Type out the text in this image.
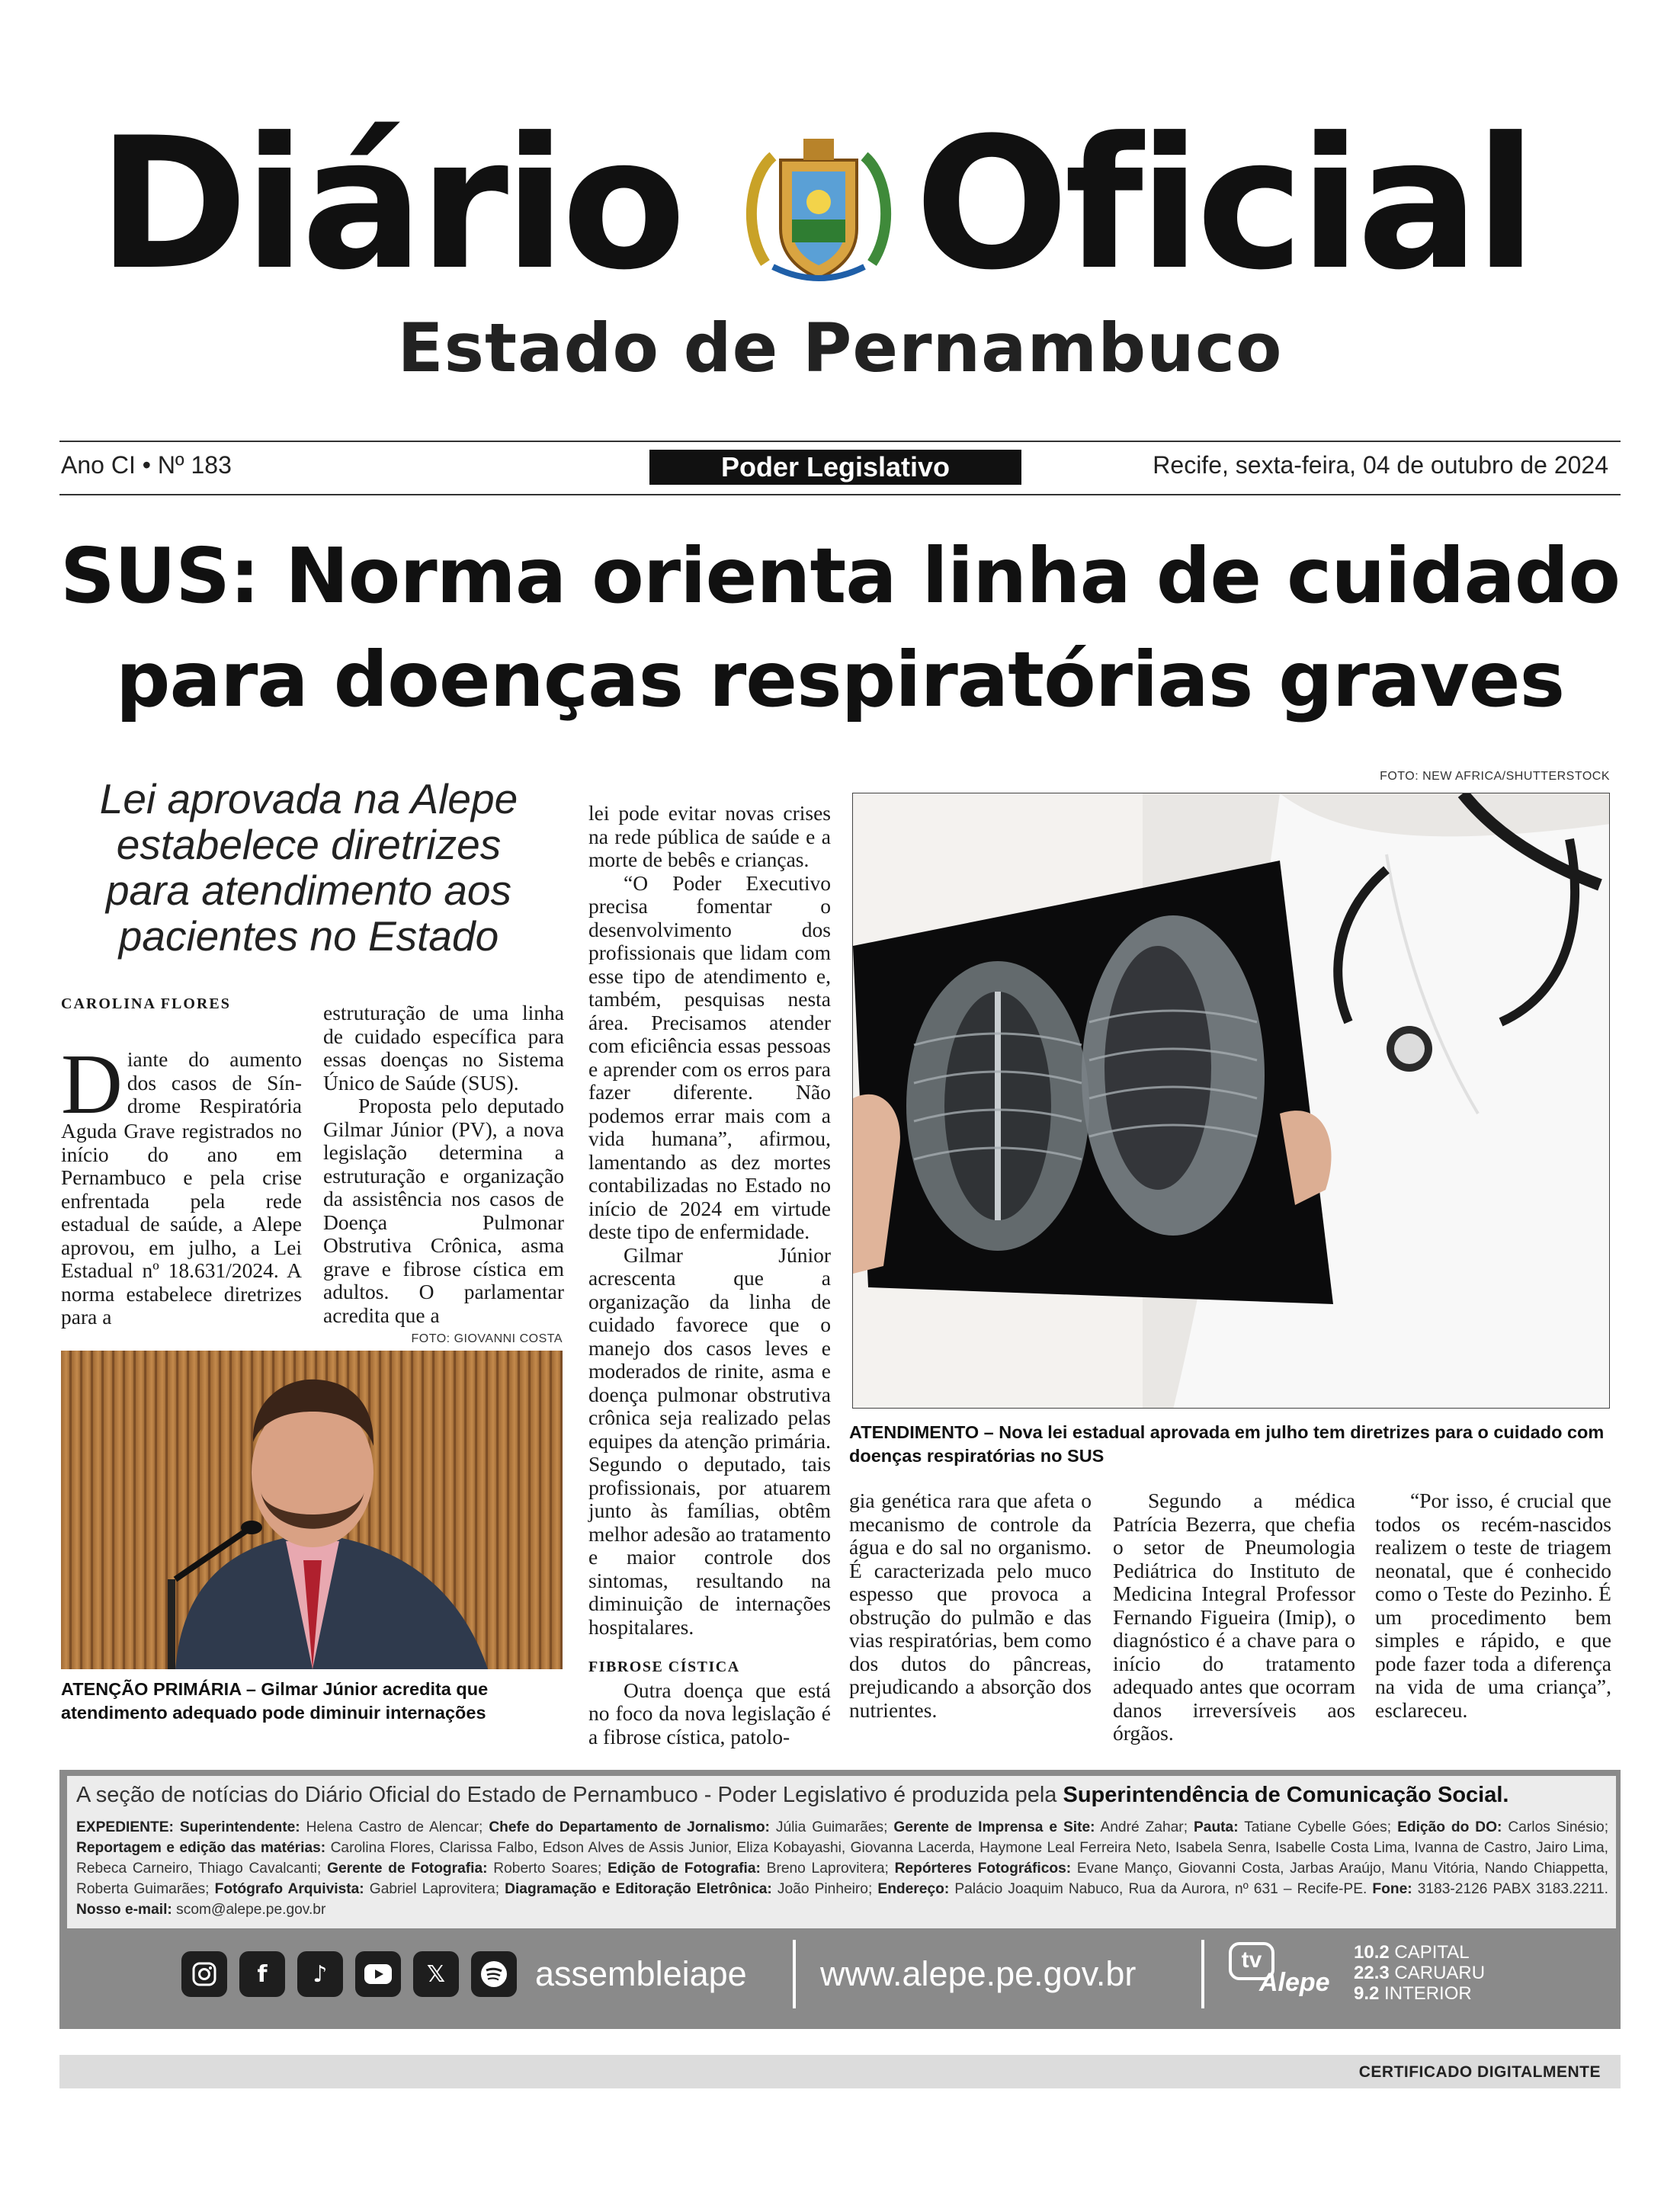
Diário Oficial
Estado de Pernambuco
Ano CI • Nº 183	Poder Legislativo	Recife, sexta-feira, 04 de outubro de 2024
SUS: Norma orienta linha de cuidado
para doenças respiratórias graves
Lei aprovada na Alepe
estabelece diretrizes
para atendimento aos
pacientes no Estado
CAROLINA FLORES
D iante do aumento
dos casos de Sín-
drome Respiratória

Aguda Grave registrados no início do ano em Pernambuco e pela crise enfrentada pela rede estadual de saúde, a Alepe aprovou, em julho, a Lei Estadual nº 18.631/2024. A norma estabelece diretrizes para a

estruturação de uma linha de cuidado específica para essas doenças no Sistema Único de Saúde (SUS).

Proposta pelo deputado Gilmar Júnior (PV), a nova legislação determina a estruturação e organização da assistência nos casos de Doença Pulmonar Obstrutiva Crônica, asma grave e fibrose cística em adultos. O parlamentar acredita que a

FOTO: GIOVANNI COSTA
ATENÇÃO PRIMÁRIA – Gilmar Júnior acredita que atendimento adequado pode diminuir internações

lei pode evitar novas crises na rede pública de saúde e a morte de bebês e crianças.

“O Poder Executivo precisa fomentar o desenvolvimento dos profissionais que lidam com esse tipo de atendimento e, também, pesquisas nesta área. Precisamos atender com eficiência essas pessoas e aprender com os erros para fazer diferente. Não podemos errar mais com a vida humana”, afirmou, lamentando as dez mortes contabilizadas no Estado no início de 2024 em virtude deste tipo de enfermidade.

Gilmar Júnior acrescenta que a organização da linha de cuidado favorece que o manejo dos casos leves e moderados de rinite, asma e doença pulmonar obstrutiva crônica seja realizado pelas equipes da atenção primária. Segundo o deputado, tais profissionais, por atuarem junto às famílias, obtêm melhor adesão ao tratamento e maior controle dos sintomas, resultando na diminuição de internações hospitalares.

FIBROSE CÍSTICA

Outra doença que está no foco da nova legislação é a fibrose cística, patolo-

FOTO: NEW AFRICA/SHUTTERSTOCK
ATENDIMENTO – Nova lei estadual aprovada em julho tem diretrizes para o cuidado com doenças respiratórias no SUS

gia genética rara que afeta o mecanismo de controle da água e do sal no organismo. É caracterizada pelo muco espesso que provoca a obstrução do pulmão e das vias respiratórias, bem como dos dutos do pâncreas, prejudicando a absorção dos nutrientes.

Segundo a médica Patrícia Bezerra, que chefia o setor de Pneumologia Pediátrica do Instituto de Medicina Integral Professor Fernando Figueira (Imip), o diagnóstico é a chave para o início do tratamento adequado antes que ocorram danos irreversíveis aos órgãos.

“Por isso, é crucial que todos os recém-nascidos realizem o teste de triagem neonatal, que é conhecido como o Teste do Pezinho. É um procedimento bem simples e rápido, e que pode fazer toda a diferença na vida de uma criança”, esclareceu.

A seção de notícias do Diário Oficial do Estado de Pernambuco - Poder Legislativo é produzida pela Superintendência de Comunicação Social.
EXPEDIENTE: Superintendente: Helena Castro de Alencar; Chefe do Departamento de Jornalismo: Júlia Guimarães; Gerente de Imprensa e Site: André Zahar; Pauta: Tatiane Cybelle Góes; Edição do DO: Carlos Sinésio; Reportagem e edição das matérias: Carolina Flores, Clarissa Falbo, Edson Alves de Assis Junior, Eliza Kobayashi, Giovanna Lacerda, Haymone Leal Ferreira Neto, Isabela Senra, Isabelle Costa Lima, Ivanna de Castro, Jairo Lima, Rebeca Carneiro, Thiago Cavalcanti; Gerente de Fotografia: Roberto Soares; Edição de Fotografia: Breno Laprovitera; Repórteres Fotográficos: Evane Manço, Giovanni Costa, Jarbas Araújo, Manu Vitória, Nando Chiappetta, Roberta Guimarães; Fotógrafo Arquivista: Gabriel Laprovitera; Diagramação e Editoração Eletrônica: João Pinheiro; Endereço: Palácio Joaquim Nabuco, Rua da Aurora, nº 631 – Recife-PE. Fone: 3183-2126 PABX 3183.2211. Nosso e-mail: scom@alepe.pe.gov.br
f	♪	𝕏	assembleiape www.alepe.pe.gov.br	tv
Alepe
10.2 CAPITAL
22.3 CARUARU
9.2 INTERIOR
CERTIFICADO DIGITALMENTE
